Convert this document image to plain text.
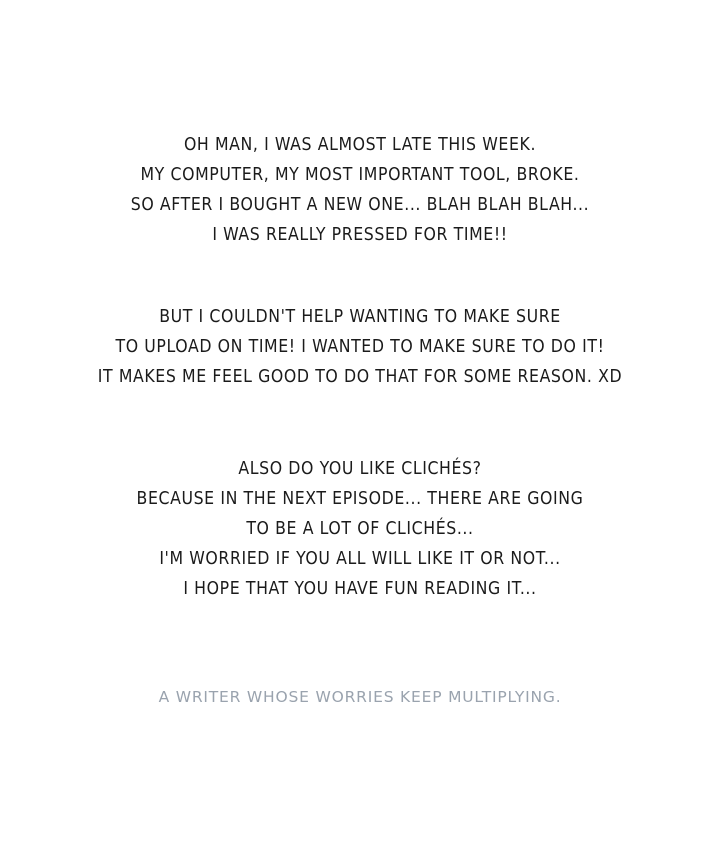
OH MAN, I WAS ALMOST LATE THIS WEEK.
MY COMPUTER, MY MOST IMPORTANT TOOL, BROKE.
SO AFTER I BOUGHT A NEW ONE... BLAH BLAH BLAH...
I WAS REALLY PRESSED FOR TIME!!
BUT I COULDN'T HELP WANTING TO MAKE SURE
TO UPLOAD ON TIME! I WANTED TO MAKE SURE TO DO IT!
IT MAKES ME FEEL GOOD TO DO THAT FOR SOME REASON. XD
ALSO DO YOU LIKE CLICHÉS?
BECAUSE IN THE NEXT EPISODE... THERE ARE GOING
TO BE A LOT OF CLICHÉS...
I'M WORRIED IF YOU ALL WILL LIKE IT OR NOT...
I HOPE THAT YOU HAVE FUN READING IT...
A WRITER WHOSE WORRIES KEEP MULTIPLYING.
